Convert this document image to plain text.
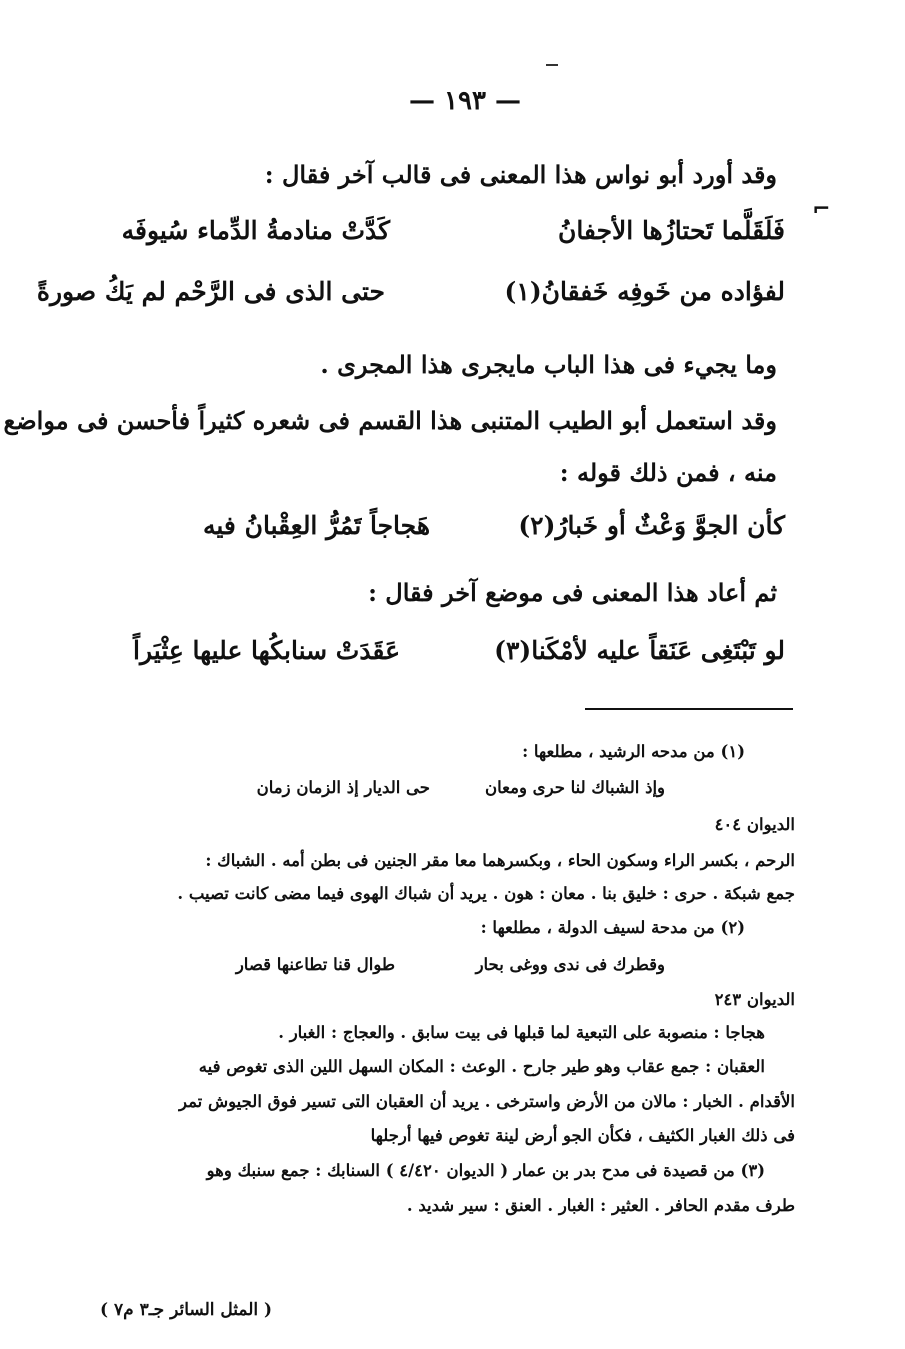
— ١٩٣ —
⌐
وقد أورد أبو نواس هذا المعنى فى قالب آخر فقال :
كَدَّتْ منادمةُ الدِّماء سُيوفَه	فَلَقَلَّما تَحتازُها الأجفانُ
حتى الذى فى الرَّحْم لم يَكُ صورةً	لفؤاده من خَوفِه خَفقانُ(١)
وما يجيء فى هذا الباب مايجرى هذا المجرى .
وقد استعمل أبو الطيب المتنبى هذا القسم فى شعره كثيراً فأحسن فى مواضع
منه ، فمن ذلك قوله :
هَجاجاً تَمُرُّ العِقْبانُ فيه	كأن الجوَّ وَعْثٌ أو خَبارُ(٢)
ثم أعاد هذا المعنى فى موضع آخر فقال :
عَقَدَتْ سنابكُها عليها عِثْيَراً	لو تَبْتَغِى عَنَقاً عليه لأمْكَنا(٣)
(١) من مدحه الرشيد ، مطلعها :
حى الديار إذ الزمان زمان	وإذ الشباك لنا حرى ومعان
الديوان ٤٠٤
الرحم ، بكسر الراء وسكون الحاء ، وبكسرهما معا مقر الجنين فى بطن أمه . الشباك :
جمع شبكة . حرى : خليق بنا . معان : هون . يريد أن شباك الهوى فيما مضى كانت تصيب .
(٢) من مدحة لسيف الدولة ، مطلعها :
طوال قنا تطاعنها قصار	وقطرك فى ندى ووغى بحار
الديوان ٢٤٣
هجاجا : منصوبة على التبعية لما قبلها فى بيت سابق . والعجاج : الغبار .
العقبان : جمع عقاب وهو طير جارح . الوعث : المكان السهل اللين الذى تغوص فيه
الأقدام . الخبار : مالان من الأرض واسترخى . يريد أن العقبان التى تسير فوق الجيوش تمر
فى ذلك الغبار الكثيف ، فكأن الجو أرض لينة تغوص فيها أرجلها
(٣) من قصيدة فى مدح بدر بن عمار ( الديوان ٤/٤٢٠ ) السنابك : جمع سنبك وهو
طرف مقدم الحافر . العثير : الغبار . العنق : سير شديد .
( المثل السائر جـ٣ م٧ )
